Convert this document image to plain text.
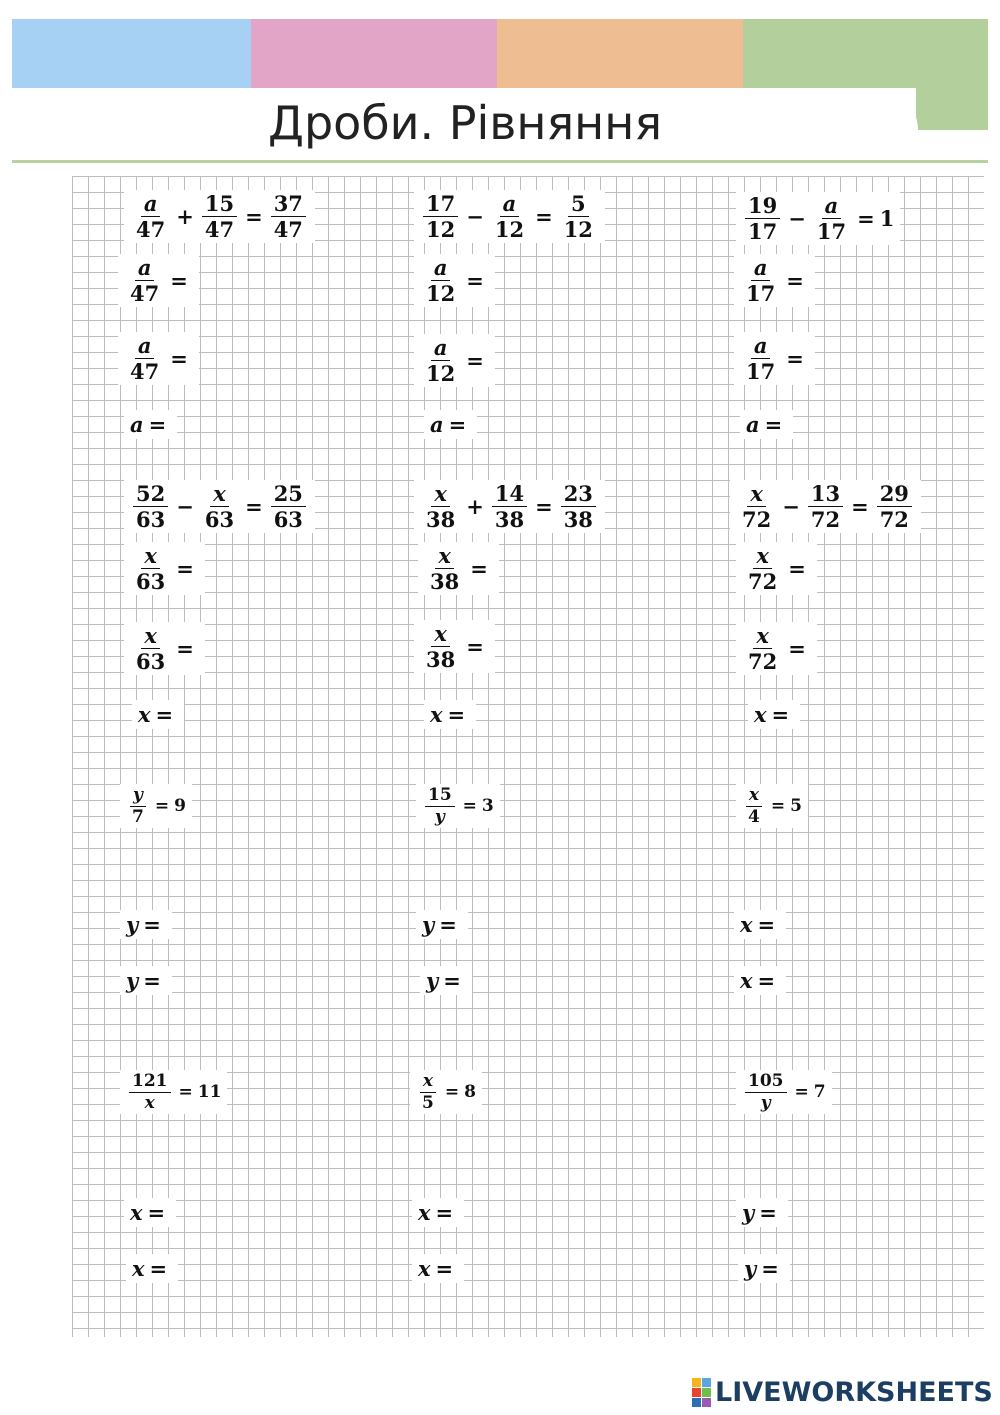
Дроби. Рівняння
$\frac{a}{47} + \frac{15}{47} = \frac{37}{47}$
$\frac{a}{47}$ =
$\frac{a}{47}$ =
a =
$\frac{17}{12} - \frac{a}{12} = \frac{5}{12}$
$\frac{a}{12}$ =
$\frac{a}{12}$ =
a =
$\frac{19}{17} - \frac{a}{17} = 1$
$\frac{a}{17}$ =
$\frac{a}{17}$ =
a =
$\frac{52}{63} - \frac{x}{63} = \frac{25}{63}$
$\frac{x}{63}$ =
$\frac{x}{63}$ =
x =
$\frac{x}{38} + \frac{14}{38} = \frac{23}{38}$
$\frac{x}{38}$ =
$\frac{x}{38}$ =
x =
$\frac{x}{72} - \frac{13}{72} = \frac{29}{72}$
$\frac{x}{72}$ =
$\frac{x}{72}$ =
x =
$\frac{y}{7} = 9$
y =
y =
$\frac{15}{y} = 3$
y =
y =
$\frac{x}{4} = 5$
x =
x =
$\frac{121}{x} = 11$
x =
x =
$\frac{x}{5} = 8$
x =
x =
$\frac{105}{y} = 7$
y =
y =
LIVEWORKSHEETS
